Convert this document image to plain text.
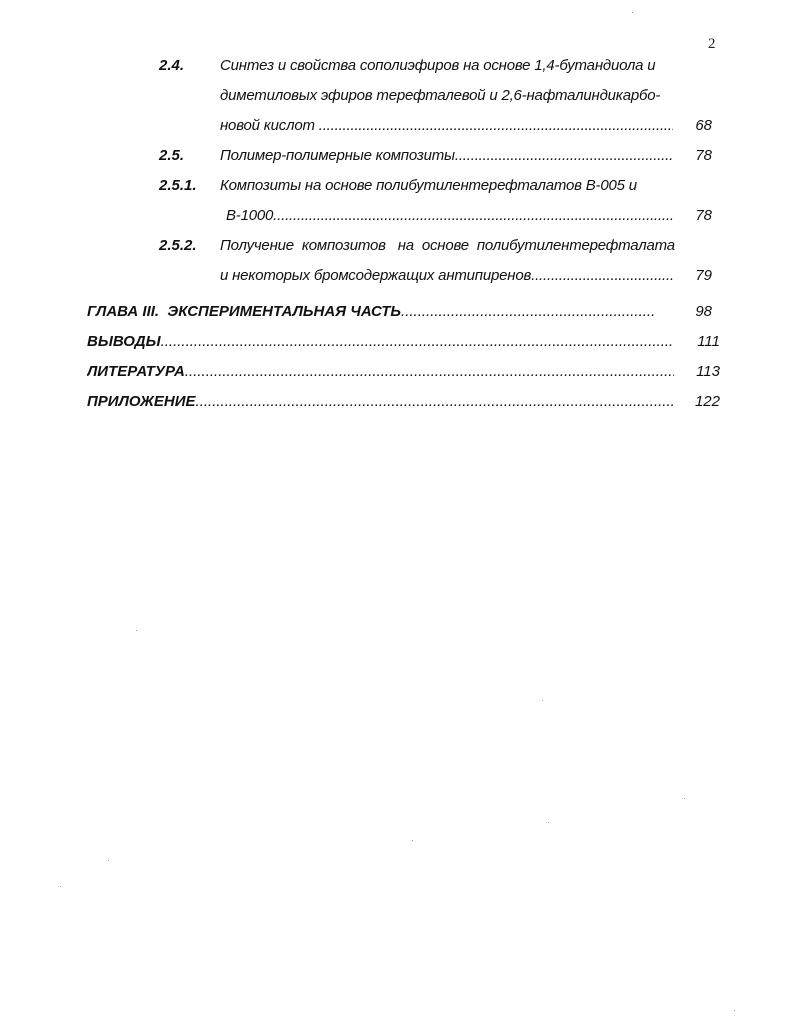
2
2.4. Синтез и свойства сополиэфиров на основе 1,4-бутандиола и
диметиловых эфиров терефталевой и 2,6-нафталиндикарбо-
новой кислот .....	68
2.5. Полимер-полимерные композиты .....	78
2.5.1. Композиты на основе полибутилентерефталатов В-005 и
В-1000 .....	78
2.5.2. Получение  композитов   на  основе  полибутилентерефталата
и некоторых бромсодержащих антипиренов .....	79
ГЛАВА III.  ЭКСПЕРИМЕНТАЛЬНАЯ ЧАСТЬ .....	98
ВЫВОДЫ .....	111
ЛИТЕРАТУРА .....	113
ПРИЛОЖЕНИЕ .....	122
